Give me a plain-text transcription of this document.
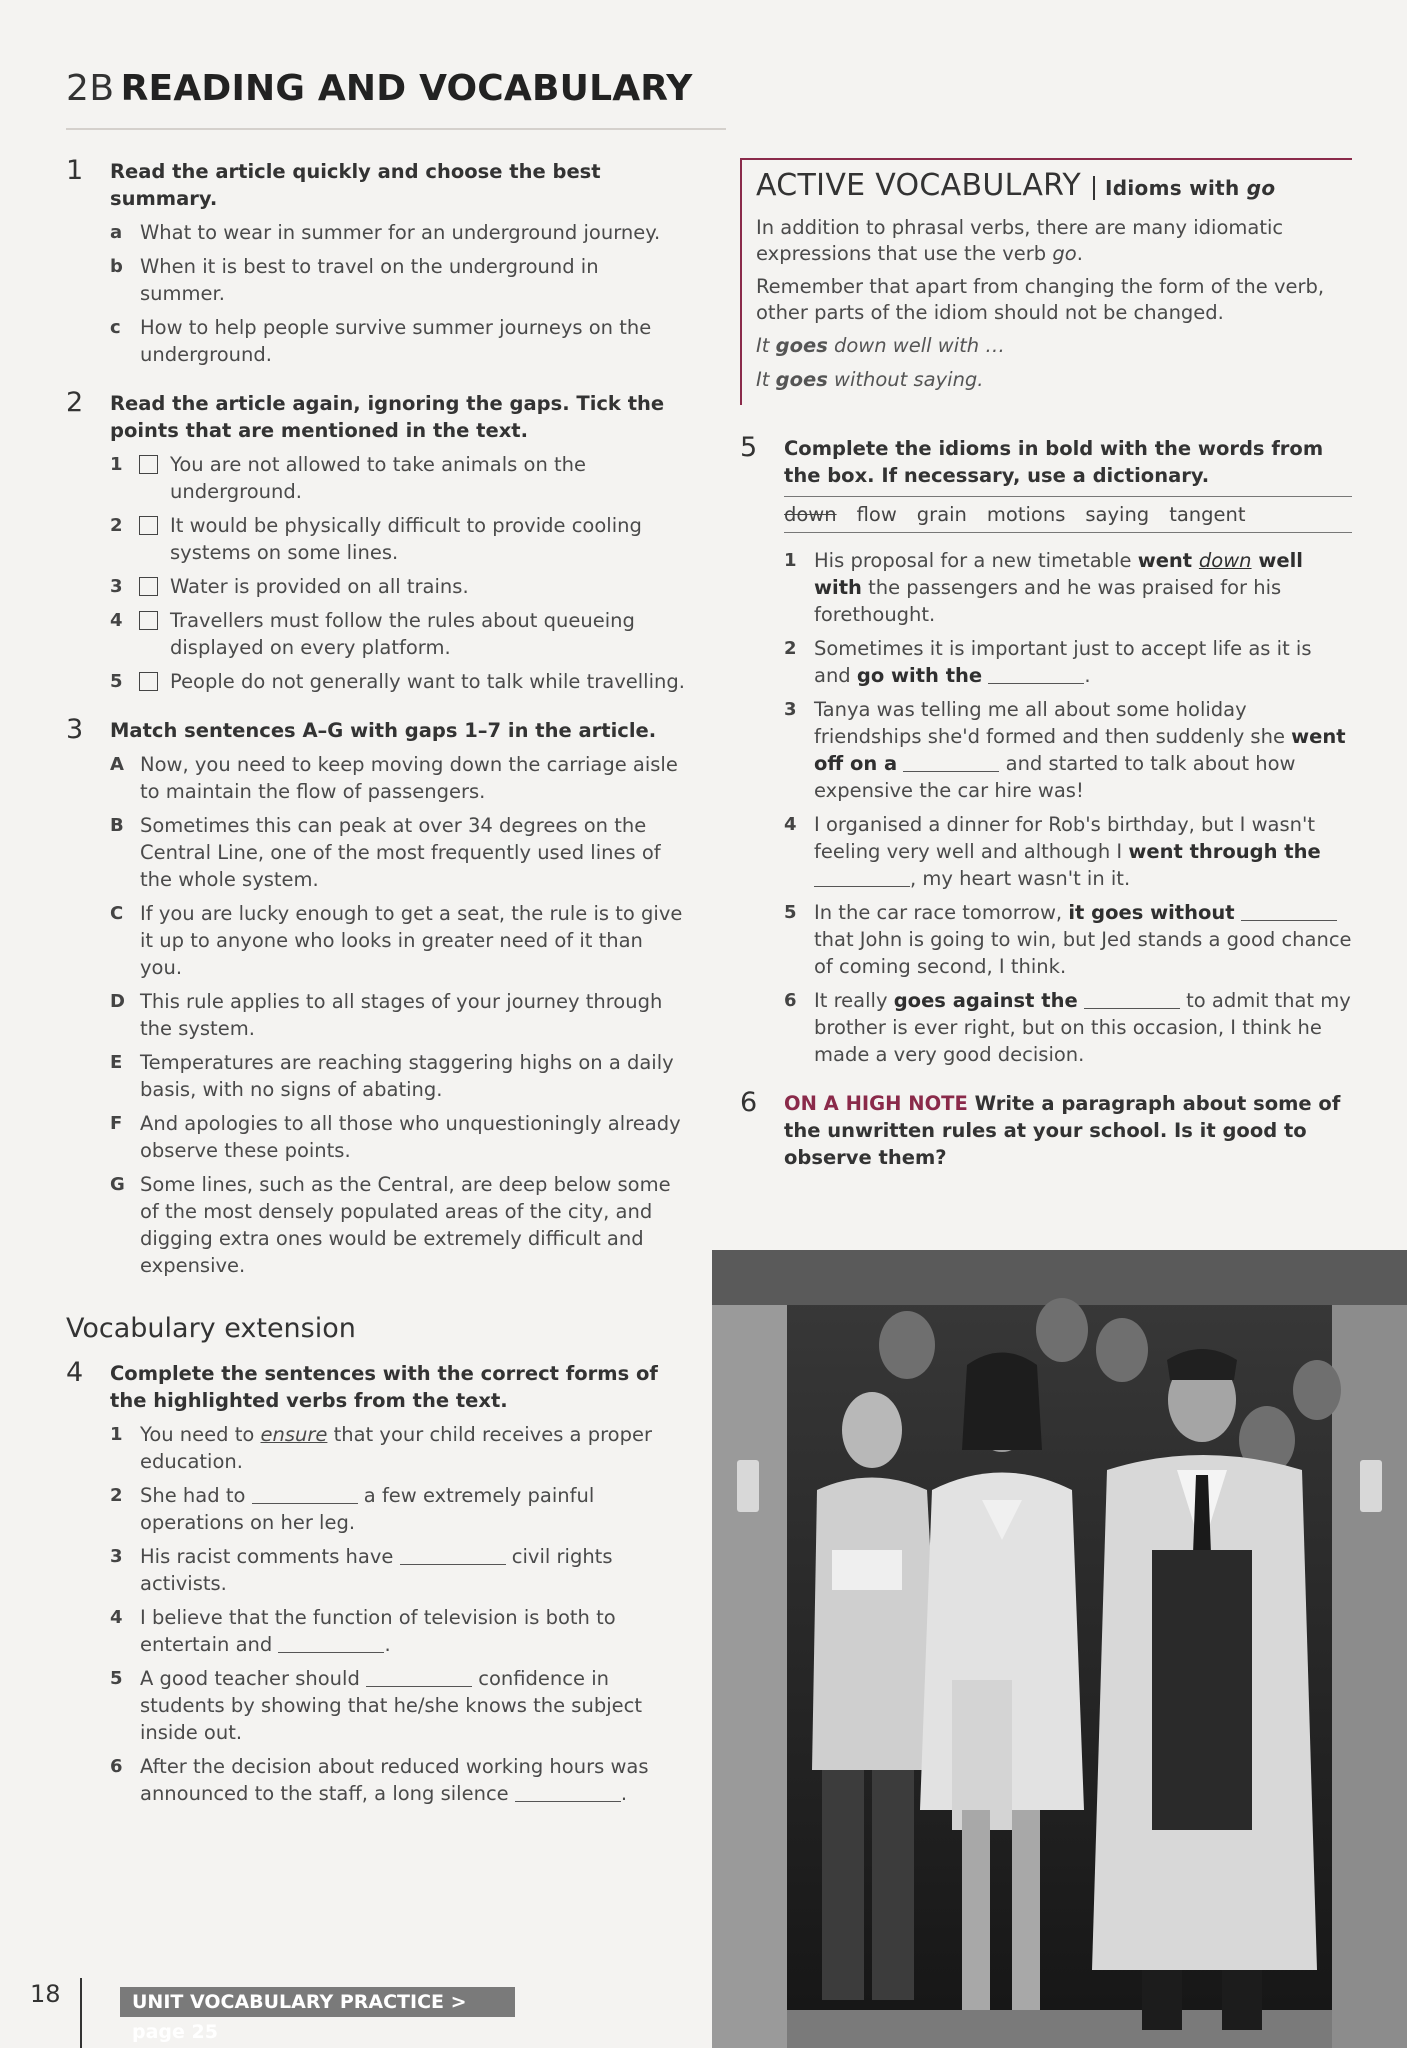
2B READING AND VOCABULARY
1 Read the article quickly and choose the best summary.
a What to wear in summer for an underground journey.
b When it is best to travel on the underground in summer.
c How to help people survive summer journeys on the underground.
2 Read the article again, ignoring the gaps. Tick the points that are mentioned in the text.
1 You are not allowed to take animals on the underground.
2 It would be physically difficult to provide cooling systems on some lines.
3 Water is provided on all trains.
4 Travellers must follow the rules about queueing displayed on every platform.
5 People do not generally want to talk while travelling.
3 Match sentences A–G with gaps 1–7 in the article.
A Now, you need to keep moving down the carriage aisle to maintain the flow of passengers.
B Sometimes this can peak at over 34 degrees on the Central Line, one of the most frequently used lines of the whole system.
C If you are lucky enough to get a seat, the rule is to give it up to anyone who looks in greater need of it than you.
D This rule applies to all stages of your journey through the system.
E Temperatures are reaching staggering highs on a daily basis, with no signs of abating.
F And apologies to all those who unquestioningly already observe these points.
G Some lines, such as the Central, are deep below some of the most densely populated areas of the city, and digging extra ones would be extremely difficult and expensive.
Vocabulary extension
4 Complete the sentences with the correct forms of the highlighted verbs from the text.
1 You need to ensure that your child receives a proper education.
2 She had to	a few extremely painful operations on her leg.
3 His racist comments have	civil rights activists.
4 I believe that the function of television is both to entertain and	.
5 A good teacher should	confidence in students by showing that he/she knows the subject inside out.
6 After the decision about reduced working hours was announced to the staff, a long silence	.
ACTIVE VOCABULARY	Idioms with go
In addition to phrasal verbs, there are many idiomatic expressions that use the verb go.
Remember that apart from changing the form of the verb, other parts of the idiom should not be changed.
It goes down well with …
It goes without saying.
5 Complete the idioms in bold with the words from the box. If necessary, use a dictionary.
down flow grain motions saying tangent
1 His proposal for a new timetable went down well with the passengers and he was praised for his forethought.
2 Sometimes it is important just to accept life as it is and go with the	.
3 Tanya was telling me all about some holiday friendships she'd formed and then suddenly she went off on a	and started to talk about how expensive the car hire was!
4 I organised a dinner for Rob's birthday, but I wasn't feeling very well and although I went through the , my heart wasn't in it.
5 In the car race tomorrow, it goes without  that John is going to win, but Jed stands a good chance of coming second, I think.
6 It really goes against the	to admit that my brother is ever right, but on this occasion, I think he made a very good decision.
6 ON A HIGH NOTE Write a paragraph about some of the unwritten rules at your school. Is it good to observe them?
18	UNIT VOCABULARY PRACTICE > page 25
